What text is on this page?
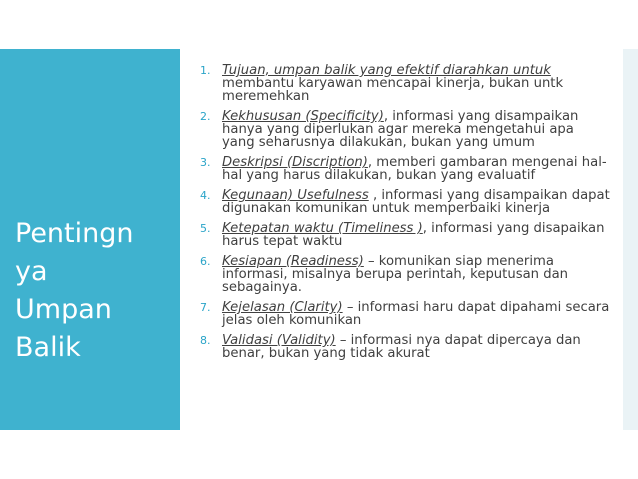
Pentingn
ya
Umpan
Balik
1. Tujuan, umpan balik yang efektif diarahkan untuk membantu karyawan mencapai kinerja, bukan untk meremehkan
2. Kekhususan (Specificity), informasi yang disampaikan hanya yang diperlukan agar mereka mengetahui apa yang seharusnya dilakukan, bukan yang umum
3. Deskripsi (Discription), memberi gambaran mengenai hal-hal yang harus dilakukan, bukan yang evaluatif
4. Kegunaan) Usefulness , informasi yang disampaikan dapat digunakan komunikan untuk memperbaiki kinerja
5. Ketepatan waktu (Timeliness ), informasi yang disapaikan harus tepat waktu
6. Kesiapan (Readiness) – komunikan siap menerima informasi, misalnya berupa perintah, keputusan dan sebagainya.
7. Kejelasan (Clarity) – informasi haru dapat dipahami secara jelas oleh komunikan
8. Validasi (Validity) – informasi nya dapat dipercaya dan benar, bukan yang tidak akurat
